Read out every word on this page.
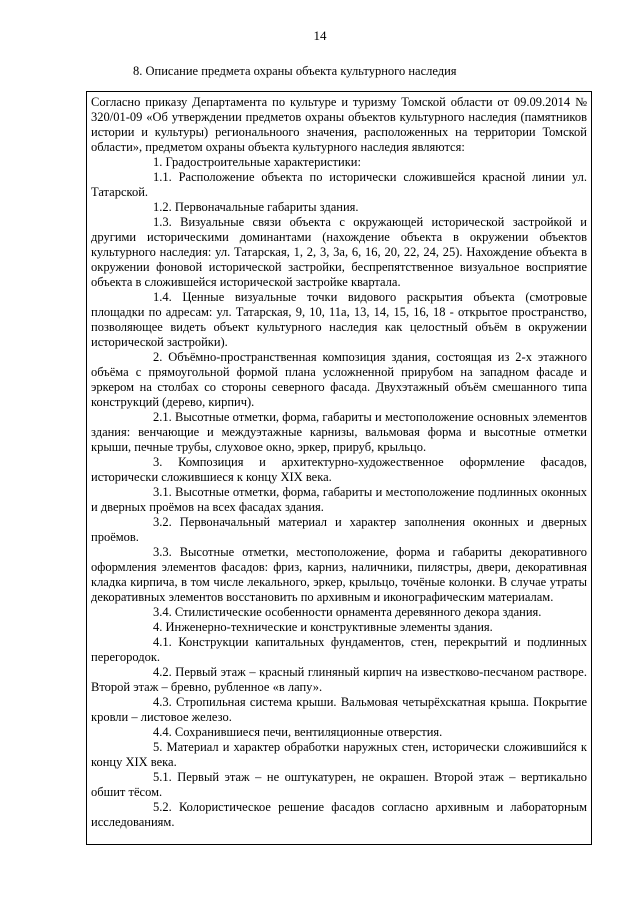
14
8. Описание предмета охраны объекта культурного наследия

Согласно приказу Департамента по культуре и туризму Томской области от 09.09.2014 № 320/01-09 «Об утверждении предметов охраны объектов культурного наследия (памятников истории и культуры) региональноого значения, расположенных на территории Томской области», предметом охраны объекта культурного наследия являются:

1. Градостроительные характеристики:

1.1. Расположение объекта по исторически сложившейся красной линии ул. Татарской.

1.2. Первоначальные габариты здания.

1.3. Визуальные связи объекта с окружающей исторической застройкой и другими историческими доминантами (нахождение объекта в окружении объектов культурного наследия: ул. Татарская, 1, 2, 3, 3а, 6, 16, 20, 22, 24, 25). Нахождение объекта в окружении фоновой исторической застройки, беспрепятственное визуальное восприятие объекта в сложившейся исторической застройке квартала.

1.4. Ценные визуальные точки видового раскрытия объекта (смотровые площадки по адресам: ул. Татарская, 9, 10, 11а, 13, 14, 15, 16, 18 - открытое пространство, позволяющее видеть объект культурного наследия как целостный объём в окружении исторической застройки).

2. Объёмно-пространственная композиция здания, состоящая из 2-х этажного объёма с прямоугольной формой плана усложненной прирубом на западном фасаде и эркером на столбах со стороны северного фасада. Двухэтажный объём смешанного типа конструкций (дерево, кирпич).

2.1. Высотные отметки, форма, габариты и местоположение основных элементов здания: венчающие и междуэтажные карнизы, вальмовая форма и высотные отметки крыши, печные трубы, слуховое окно, эркер, прируб, крыльцо.

3. Композиция и архитектурно-художественное оформление фасадов, исторически сложившиеся к концу XIX века.

3.1. Высотные отметки, форма, габариты и местоположение подлинных оконных и дверных проёмов на всех фасадах здания.

3.2. Первоначальный материал и характер заполнения оконных и дверных проёмов.

3.3. Высотные отметки, местоположение, форма и габариты декоративного оформления элементов фасадов: фриз, карниз, наличники, пилястры, двери, декоративная кладка кирпича, в том числе лекального, эркер, крыльцо, точёные колонки. В случае утраты декоративных элементов восстановить по архивным и иконографическим материалам.

3.4. Стилистические особенности орнамента деревянного декора здания.

4. Инженерно-технические и конструктивные элементы здания.

4.1. Конструкции капитальных фундаментов, стен, перекрытий и подлинных перегородок.

4.2. Первый этаж – красный глиняный кирпич на известково-песчаном растворе. Второй этаж – бревно, рубленное «в лапу».

4.3. Стропильная система крыши. Вальмовая четырёхскатная крыша. Покрытие кровли – листовое железо.

4.4. Сохранившиеся печи, вентиляционные отверстия.

5. Материал и характер обработки наружных стен, исторически сложившийся к концу XIX века.

5.1. Первый этаж – не оштукатурен, не окрашен. Второй этаж – вертикально обшит тёсом.

5.2. Колористическое решение фасадов согласно архивным и лабораторным исследованиям.
